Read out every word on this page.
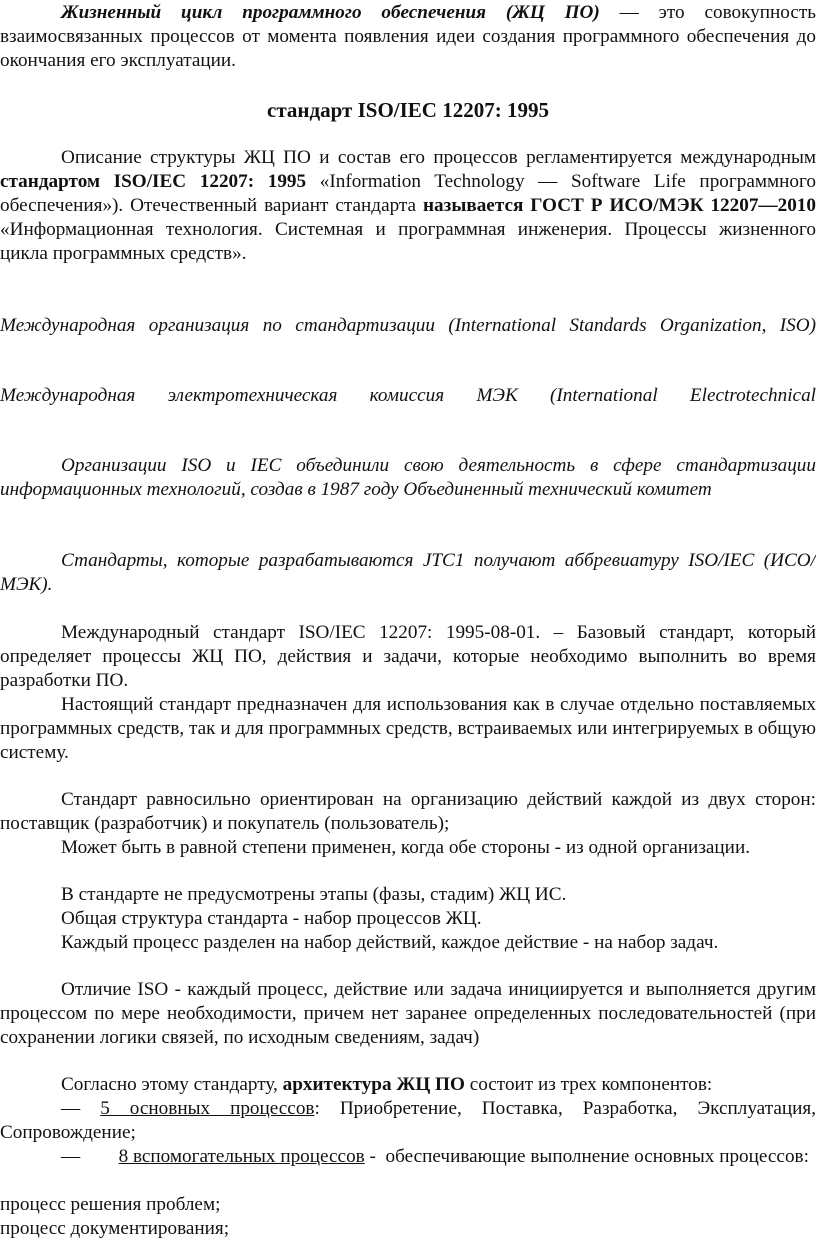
Жизненный цикл программного обеспечения (ЖЦ ПО) — это совокупность взаимосвязанных процессов от момента появления идеи создания программного обеспечения до окончания его эксплуатации.

стандарт ISO/IEC 12207: 1995

Описание структуры ЖЦ ПО и состав его процессов регламентируется международным стандартом ISO/IEC 12207: 1995 «Information Technology — Software Life программного обеспечения»). Отечественный вариант стандарта называется ГОСТ Р ИСО/МЭК 12207—2010 «Информационная технология. Системная и программная инженерия. Процессы жизненного цикла программных средств».

Международная организация по стандартизации (International Standards Organization, ISO)

Международная электротехническая комиссия МЭК (International Electrotechnical

Организации ISO и IEC объединили свою деятельность в сфере стандартизации информационных технологий, создав в 1987 году Объединенный технический комитет

Стандарты, которые разрабатываются JTC1 получают аббревиатуру ISO/IEC (ИСО/МЭК).

Международный стандарт ISO/IEC 12207: 1995-08-01. – Базовый стандарт, который определяет процессы ЖЦ ПО, действия и задачи, которые необходимо выполнить во время разработки ПО.

Настоящий стандарт предназначен для использования как в случае отдельно поставляемых программных средств, так и для программных средств, встраиваемых или интегрируемых в общую систему.

Стандарт равносильно ориентирован на организацию действий каждой из двух сторон: поставщик (разработчик) и покупатель (пользователь);

Может быть в равной степени применен, когда обе стороны - из одной организации.

В стандарте не предусмотрены этапы (фазы, стадим) ЖЦ ИС.

Общая структура стандарта - набор процессов ЖЦ.

Каждый процесс разделен на набор действий, каждое действие - на набор задач.

Отличие ISO - каждый процесс, действие или задача инициируется и выполняется другим процессом по мере необходимости, причем нет заранее определенных последовательностей (при сохранении логики связей, по исходным сведениям, задач)

Согласно этому стандарту, архитектура ЖЦ ПО состоит из трех компонентов:

— 5 основных процессов: Приобретение, Поставка, Разработка, Эксплуатация, Сопровождение;

—        8 вспомогательных процессов -  обеспечивающие выполнение основных процессов:

процесс решения проблем;

процесс документирования;
